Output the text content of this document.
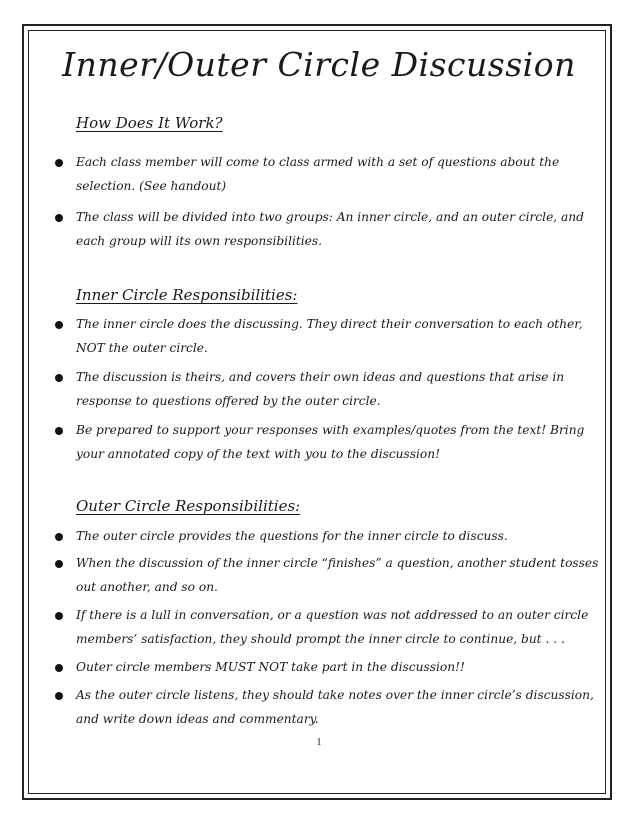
Inner/Outer Circle Discussion
How Does It Work?
Each class member will come to class armed with a set of questions about the selection. (See handout)
The class will be divided into two groups: An inner circle, and an outer circle, and each group will its own responsibilities.
Inner Circle Responsibilities:
The inner circle does the discussing. They direct their conversation to each other, NOT the outer circle.
The discussion is theirs, and covers their own ideas and questions that arise in response to questions offered by the outer circle.
Be prepared to support your responses with examples/quotes from the text! Bring your annotated copy of the text with you to the discussion!
Outer Circle Responsibilities:
The outer circle provides the questions for the inner circle to discuss.
When the discussion of the inner circle “finishes” a question, another student tosses out another, and so on.
If there is a lull in conversation, or a question was not addressed to an outer circle members’ satisfaction, they should prompt the inner circle to continue, but . . .
Outer circle members MUST NOT take part in the discussion!!
As the outer circle listens, they should take notes over the inner circle’s discussion, and write down ideas and commentary.
1
